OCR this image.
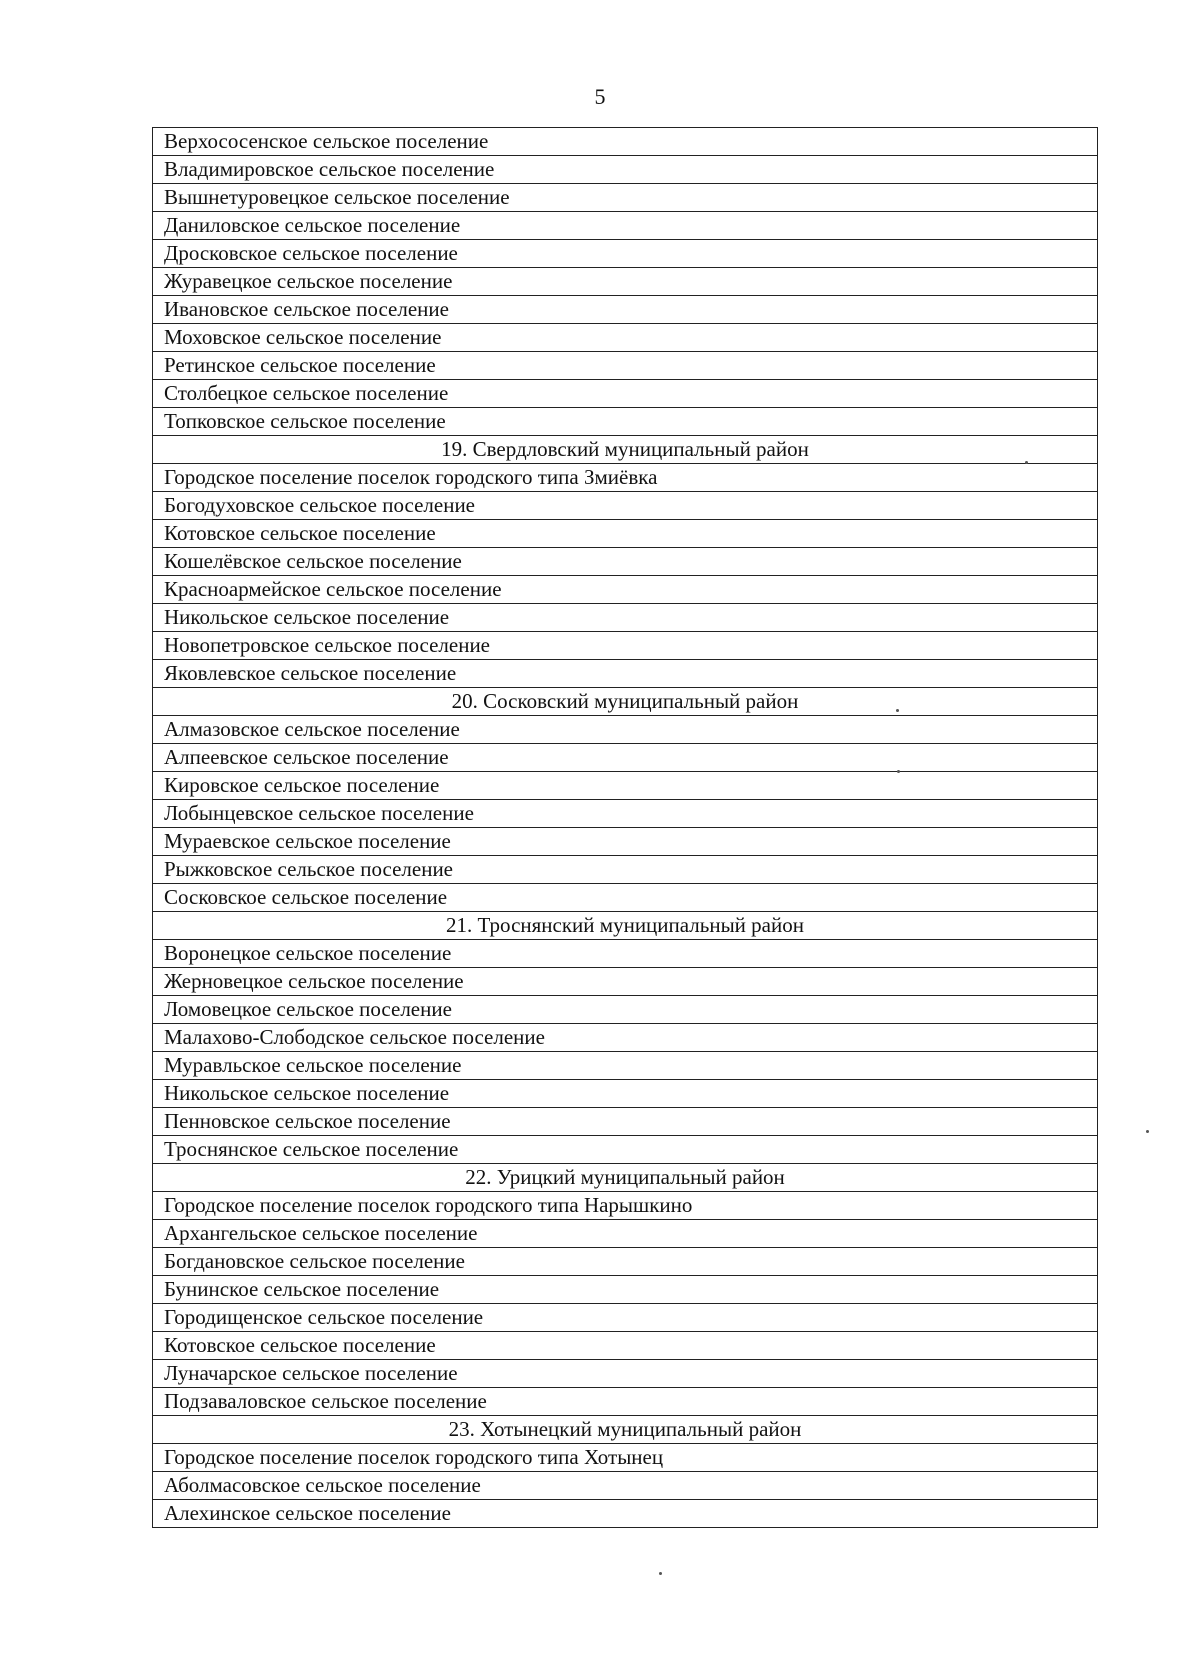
5
Верхососенское сельское поселение
Владимировское сельское поселение
Вышнетуровецкое сельское поселение
Даниловское сельское поселение
Дросковское сельское поселение
Журавецкое сельское поселение
Ивановское сельское поселение
Моховское сельское поселение
Ретинское сельское поселение
Столбецкое сельское поселение
Топковское сельское поселение
19. Свердловский муниципальный район
Городское поселение поселок городского типа Змиёвка
Богодуховское сельское поселение
Котовское сельское поселение
Кошелёвское сельское поселение
Красноармейское сельское поселение
Никольское сельское поселение
Новопетровское сельское поселение
Яковлевское сельское поселение
20. Сосковский муниципальный район
Алмазовское сельское поселение
Алпеевское сельское поселение
Кировское сельское поселение
Лобынцевское сельское поселение
Мураевское сельское поселение
Рыжковское сельское поселение
Сосковское сельское поселение
21. Троснянский муниципальный район
Воронецкое сельское поселение
Жерновецкое сельское поселение
Ломовецкое сельское поселение
Малахово-Слободское сельское поселение
Муравльское сельское поселение
Никольское сельское поселение
Пенновское сельское поселение
Троснянское сельское поселение
22. Урицкий муниципальный район
Городское поселение поселок городского типа Нарышкино
Архангельское сельское поселение
Богдановское сельское поселение
Бунинское сельское поселение
Городищенское сельское поселение
Котовское сельское поселение
Луначарское сельское поселение
Подзаваловское сельское поселение
23. Хотынецкий муниципальный район
Городское поселение поселок городского типа Хотынец
Аболмасовское сельское поселение
Алехинское сельское поселение
